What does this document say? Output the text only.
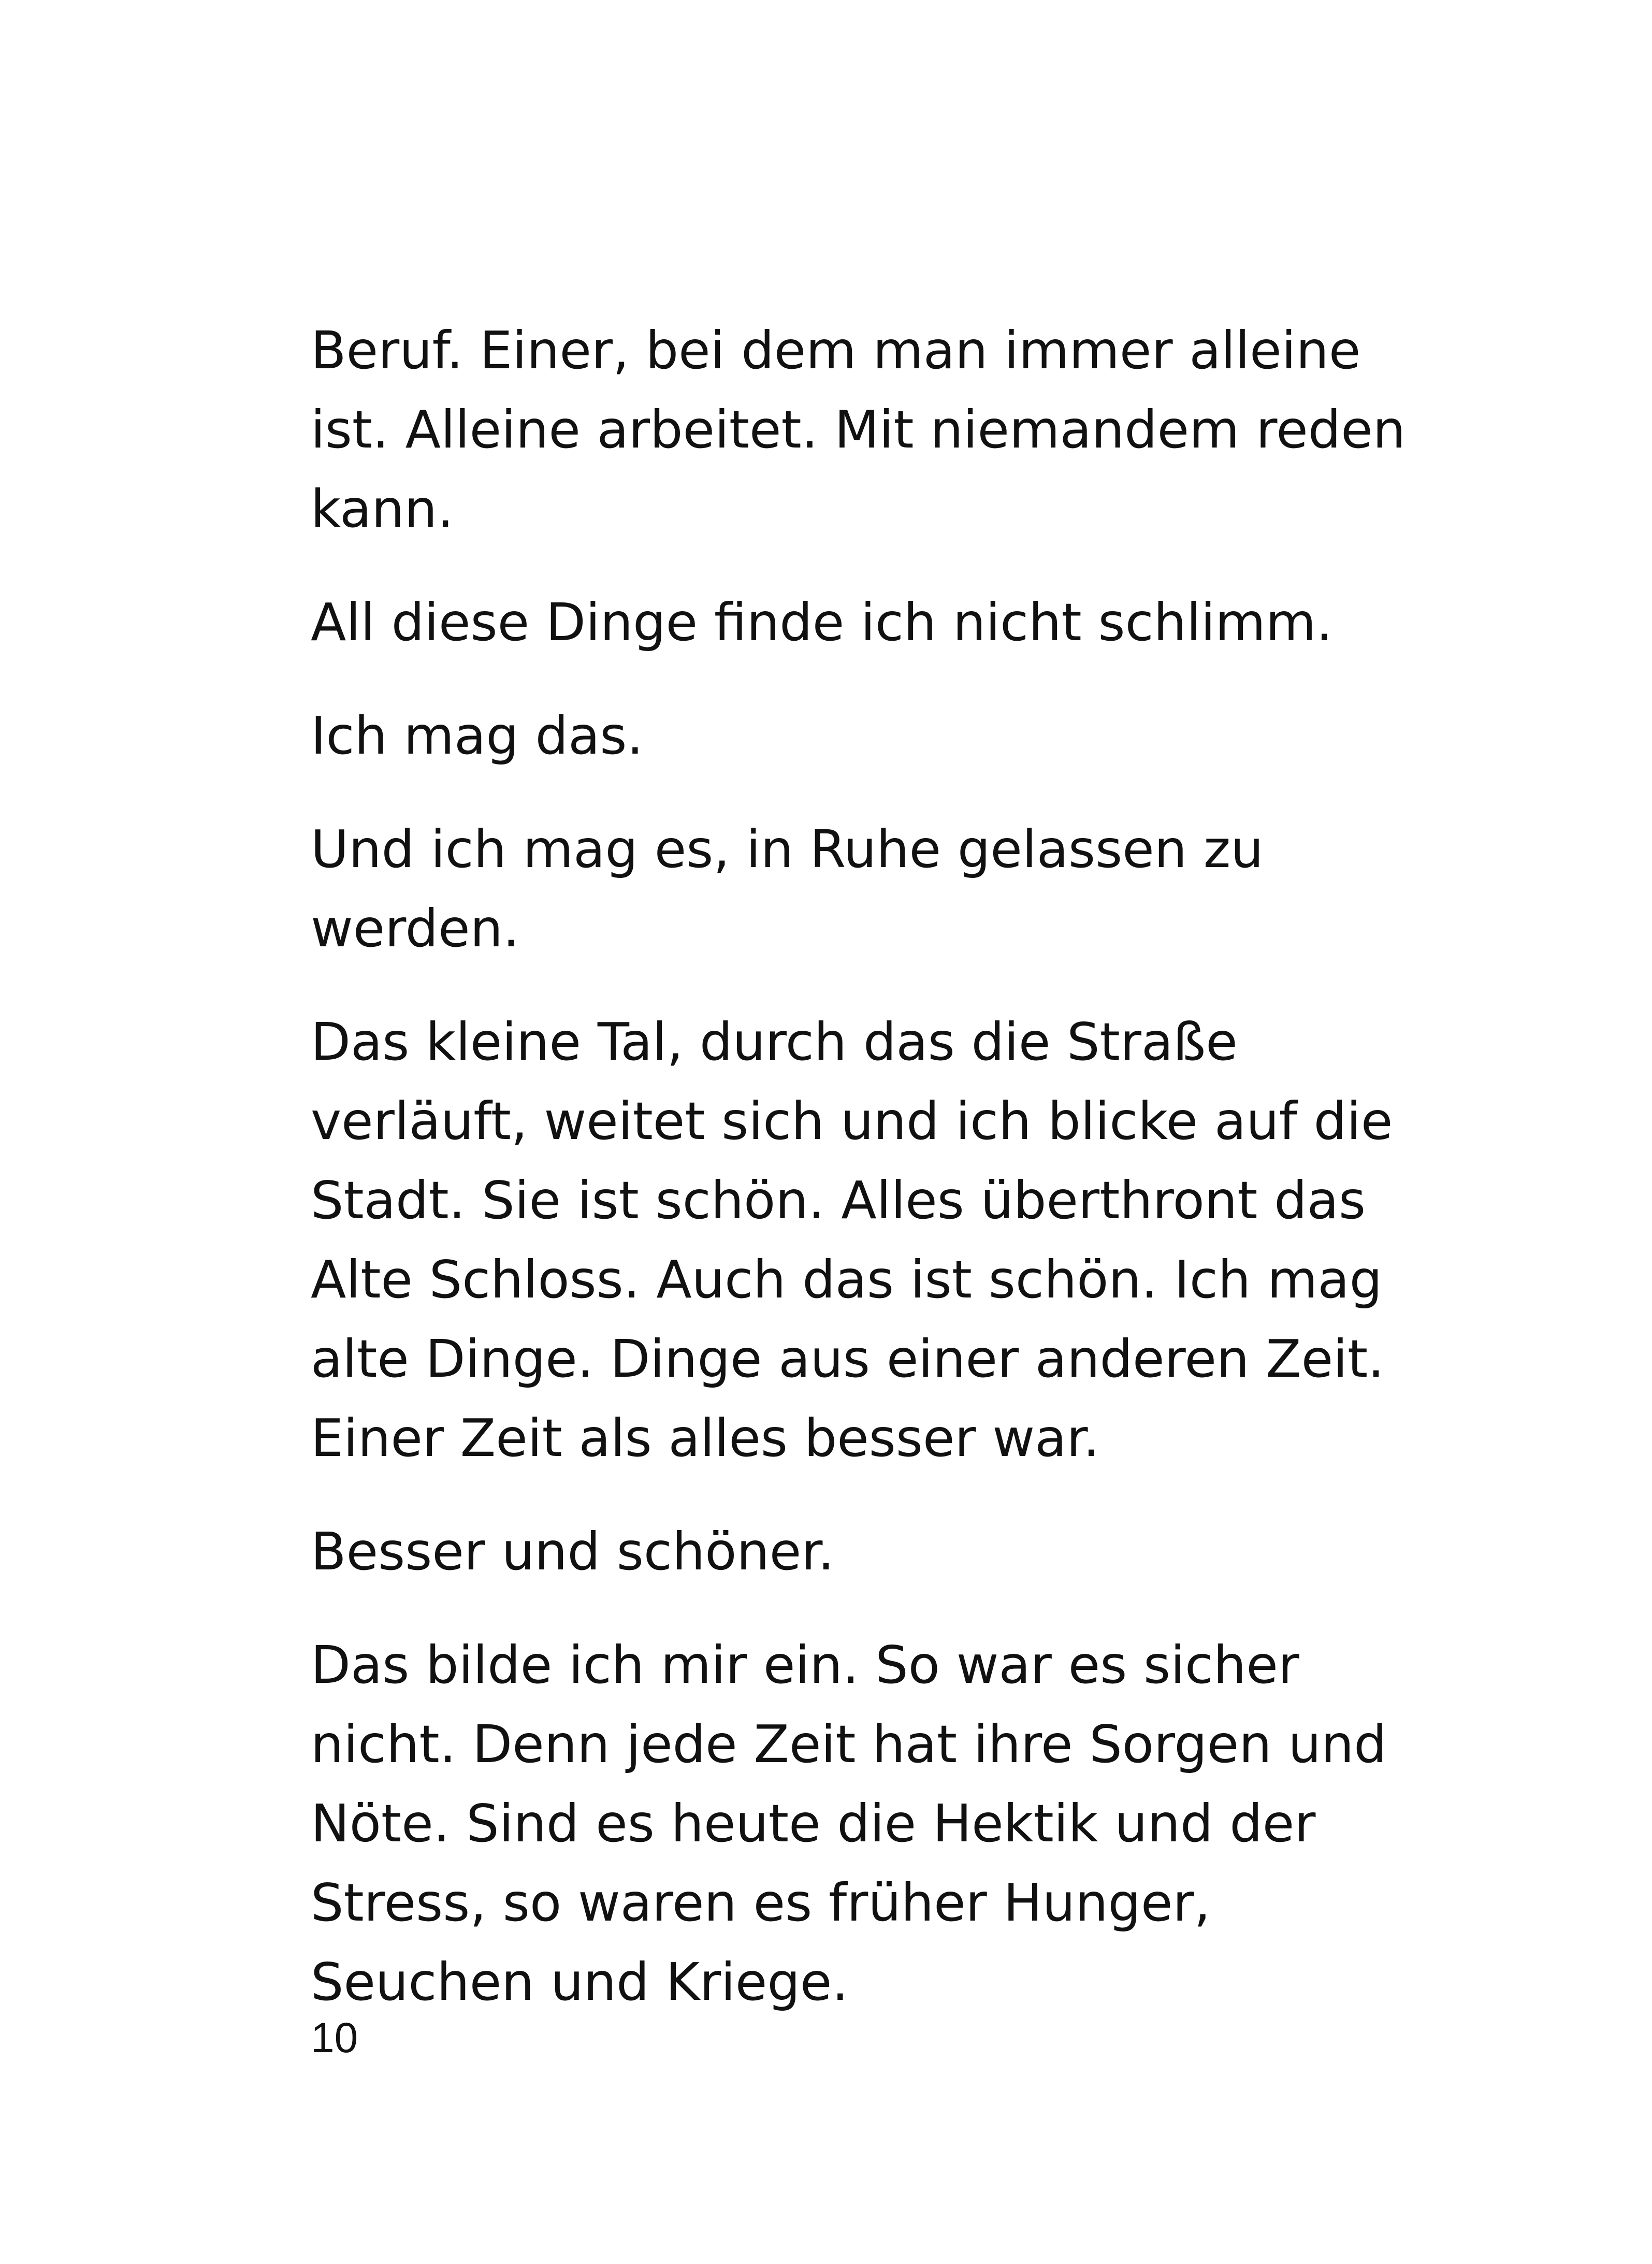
Beruf. Einer, bei dem man immer alleine
ist. Alleine arbeitet. Mit niemandem reden
kann.

All diese Dinge finde ich nicht schlimm.

Ich mag das.

Und ich mag es, in Ruhe gelassen zu
werden.

Das kleine Tal, durch das die Straße
verläuft, weitet sich und ich blicke auf die
Stadt. Sie ist schön. Alles überthront das
Alte Schloss. Auch das ist schön. Ich mag
alte Dinge. Dinge aus einer anderen Zeit.
Einer Zeit als alles besser war.

Besser und schöner.

Das bilde ich mir ein. So war es sicher
nicht. Denn jede Zeit hat ihre Sorgen und
Nöte. Sind es heute die Hektik und der
Stress, so waren es früher Hunger,
Seuchen und Kriege.

10
